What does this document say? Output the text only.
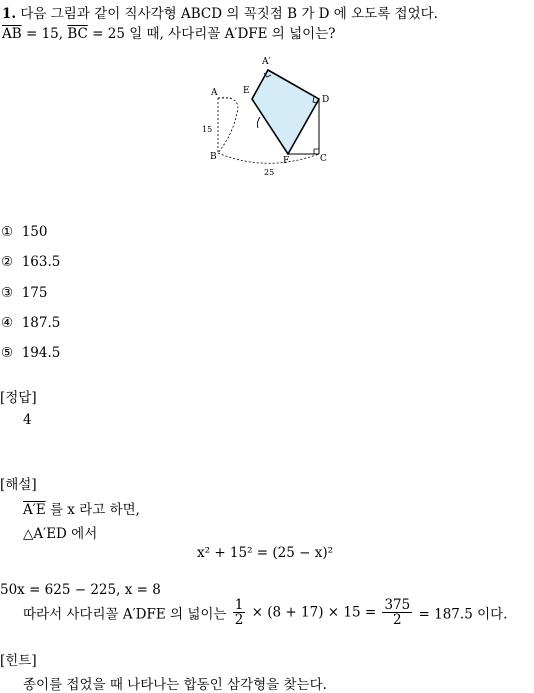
1. 다음 그림과 같이 직사각형 ABCD 의 꼭짓점 B 가 D 에 오도록 접었다.
$\overline{AB} = 15$, $\overline{BC} = 25$ 일 때, 사다리꼴 A′DFE 의 넓이는?
A′
E
D
A
B	F	C
15
25
① 150
② 163.5
③ 175
④ 187.5
⑤ 194.5
[정답]
4
[해설]
A′E 를 x 라고 하면,
△A′ED 에서
x² + 15² = (25 − x)²
50x = 625 − 225, x = 8
따라서 사다리꼴 A′DFE 의 넓이는 $\frac{1}{2} \times (8 + 17) \times 15 = \frac{375}{2} = 187.5$ 이다.
[힌트]
종이를 접었을 때 나타나는 합동인 삼각형을 찾는다.
